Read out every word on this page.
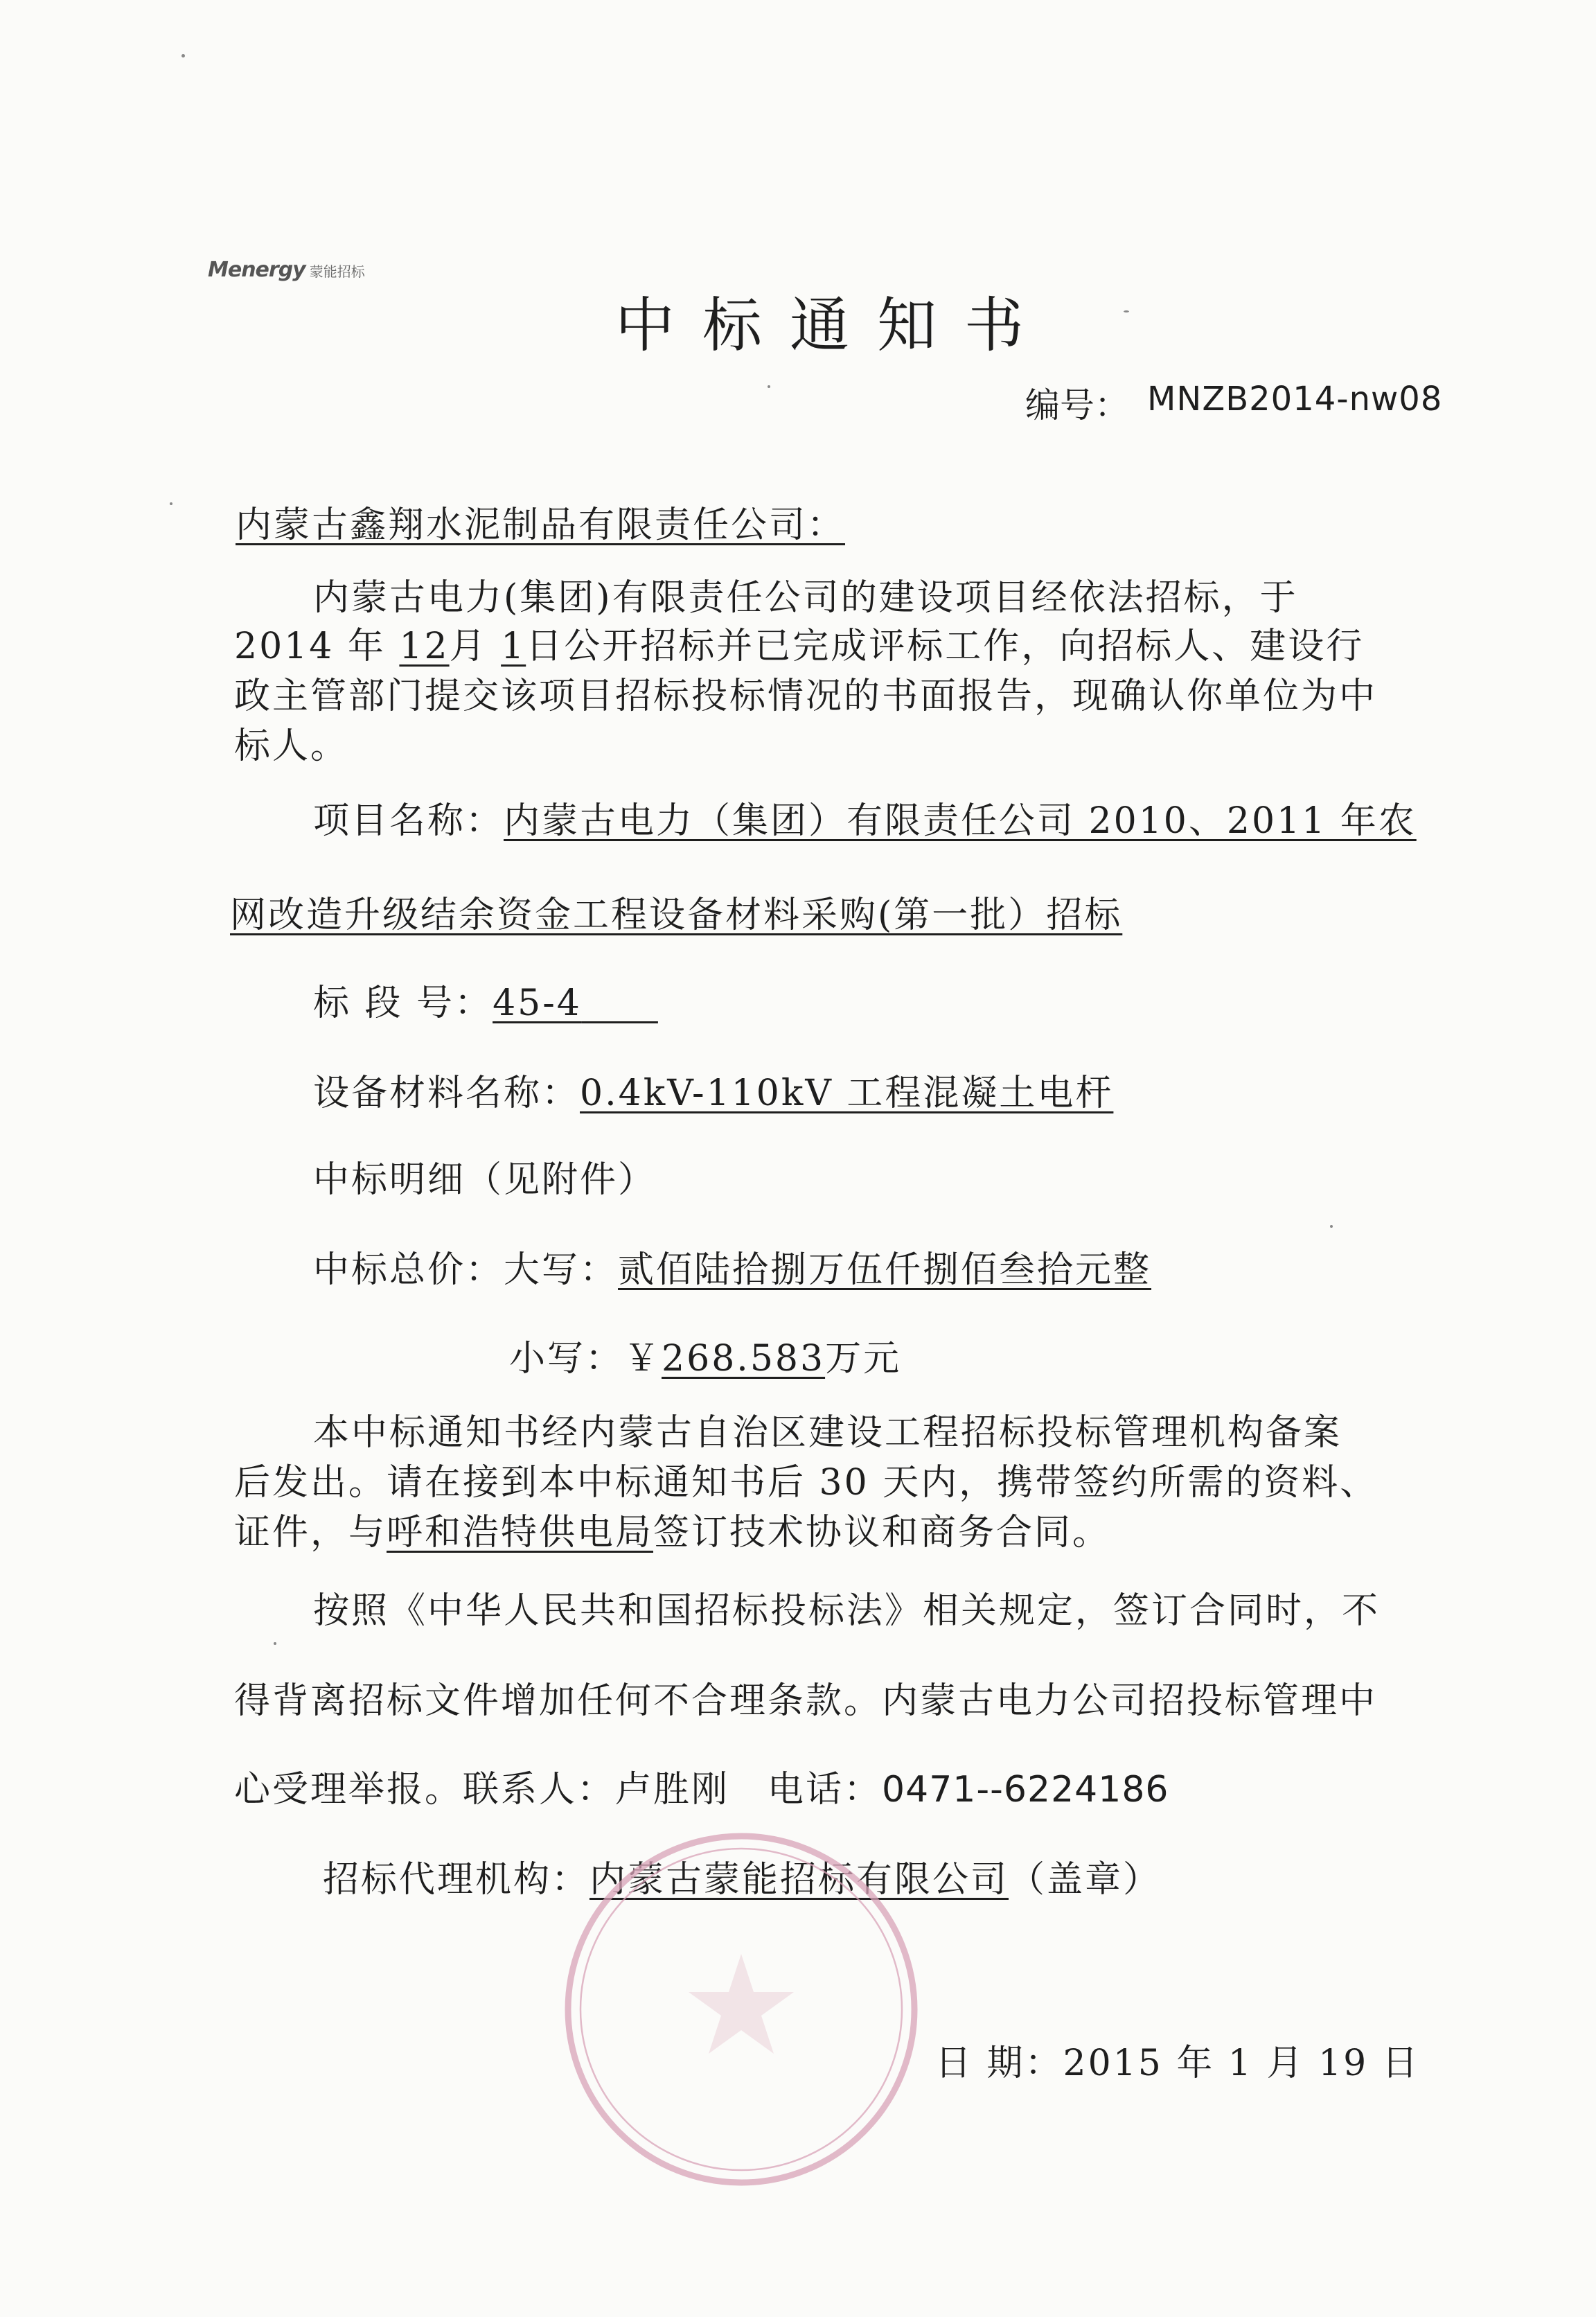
Menergy 蒙能招标
中标通知书
编号： MNZB2014-nw08
内蒙古鑫翔水泥制品有限责任公司：
内蒙古电力(集团)有限责任公司的建设项目经依法招标，于
2014 年 12月 1日公开招标并已完成评标工作，向招标人、建设行
政主管部门提交该项目招标投标情况的书面报告，现确认你单位为中
标人。
项目名称：内蒙古电力（集团）有限责任公司 2010、2011 年农
网改造升级结余资金工程设备材料采购(第一批）招标
标 段 号：45-4  
设备材料名称：0.4kV-110kV 工程混凝土电杆
中标明细（见附件）
中标总价：大写：贰佰陆拾捌万伍仟捌佰叁拾元整
小写：￥268.583万元
本中标通知书经内蒙古自治区建设工程招标投标管理机构备案
后发出。请在接到本中标通知书后 30 天内，携带签约所需的资料、
证件，与呼和浩特供电局签订技术协议和商务合同。
按照《中华人民共和国招标投标法》相关规定，签订合同时，不
得背离招标文件增加任何不合理条款。内蒙古电力公司招投标管理中
心受理举报。联系人：卢胜刚  电话：0471--6224186
招标代理机构：内蒙古蒙能招标有限公司（盖章）
日 期：2015 年 1 月 19 日
